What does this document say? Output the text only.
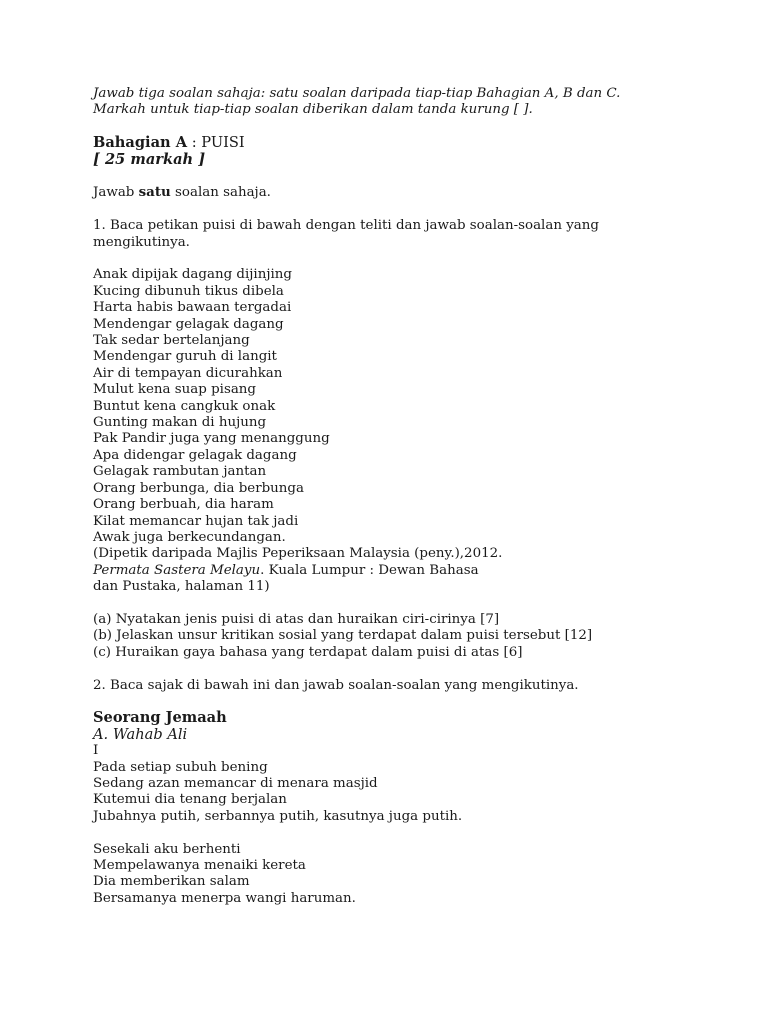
Jawab tiga soalan sahaja: satu soalan daripada tiap-tiap Bahagian A, B dan C.
Markah untuk tiap-tiap soalan diberikan dalam tanda kurung [ ].
Bahagian A : PUISI
[ 25 markah ]
Jawab satu soalan sahaja.
1. Baca petikan puisi di bawah dengan teliti dan jawab soalan-soalan yang
mengikutinya.
Anak dipijak dagang dijinjing
Kucing dibunuh tikus dibela
Harta habis bawaan tergadai
Mendengar gelagak dagang
Tak sedar bertelanjang
Mendengar guruh di langit
Air di tempayan dicurahkan
Mulut kena suap pisang
Buntut kena cangkuk onak
Gunting makan di hujung
Pak Pandir juga yang menanggung
Apa didengar gelagak dagang
Gelagak rambutan jantan
Orang berbunga, dia berbunga
Orang berbuah, dia haram
Kilat memancar hujan tak jadi
Awak juga berkecundangan.
(Dipetik daripada Majlis Peperiksaan Malaysia (peny.),2012.
Permata Sastera Melayu. Kuala Lumpur : Dewan Bahasa
dan Pustaka, halaman 11)
(a) Nyatakan jenis puisi di atas dan huraikan ciri-cirinya [7]
(b) Jelaskan unsur kritikan sosial yang terdapat dalam puisi tersebut [12]
(c) Huraikan gaya bahasa yang terdapat dalam puisi di atas [6]
2. Baca sajak di bawah ini dan jawab soalan-soalan yang mengikutinya.
Seorang Jemaah
A. Wahab Ali
I
Pada setiap subuh bening
Sedang azan memancar di menara masjid
Kutemui dia tenang berjalan
Jubahnya putih, serbannya putih, kasutnya juga putih.
Sesekali aku berhenti
Mempelawanya menaiki kereta
Dia memberikan salam
Bersamanya menerpa wangi haruman.
